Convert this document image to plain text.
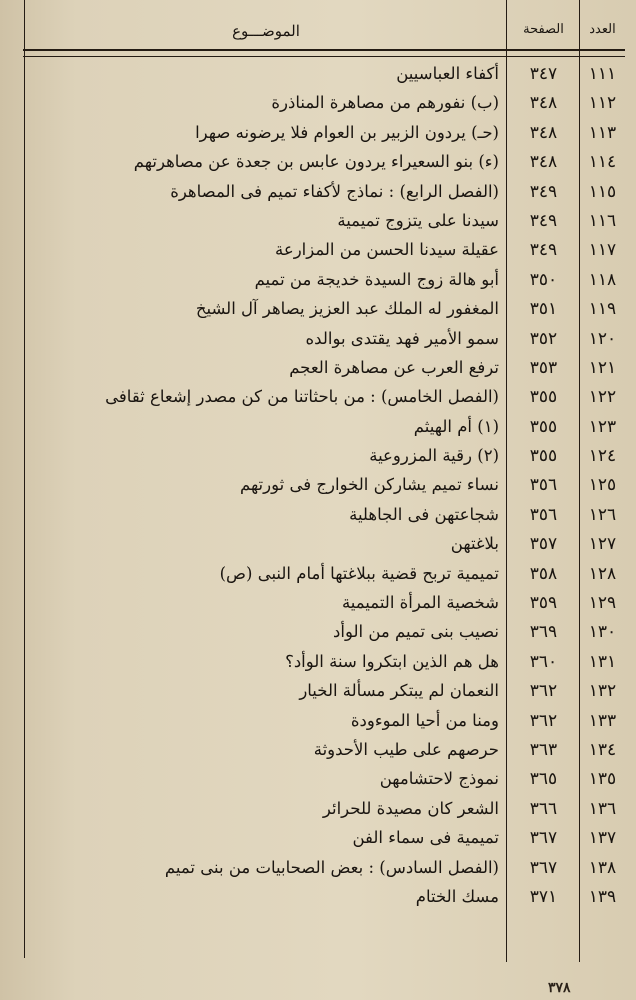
العدد
الصفحة
الموضـــوع
١١١
٣٤٧
أكفاء العباسيين
١١٢
٣٤٨
(ب) نفورهم من مصاهرة المناذرة
١١٣
٣٤٨
(حـ) يردون الزبير بن العوام فلا يرضونه صهرا
١١٤
٣٤٨
(ء) بنو السعيراء يردون عابس بن جعدة عن مصاهرتهم
١١٥
٣٤٩
(الفصل الرابع) : نماذج لأكفاء تميم فى المصاهرة
١١٦
٣٤٩
سيدنا على يتزوج تميمية
١١٧
٣٤٩
عقيلة سيدنا الحسن من المزارعة
١١٨
٣٥٠
أبو هالة زوج السيدة خديجة من تميم
١١٩
٣٥١
المغفور له الملك عبد العزيز يصاهر آل الشيخ
١٢٠
٣٥٢
سمو الأمير فهد يقتدى بوالده
١٢١
٣٥٣
ترفع العرب عن مصاهرة العجم
١٢٢
٣٥٥
(الفصل الخامس) : من باحثاتنا من كن مصدر إشعاع ثقافى
١٢٣
٣٥٥
(١) أم الهيثم
١٢٤
٣٥٥
(٢) رقية المزروعية
١٢٥
٣٥٦
نساء تميم يشاركن الخوارج فى ثورتهم
١٢٦
٣٥٦
شجاعتهن فى الجاهلية
١٢٧
٣٥٧
بلاغتهن
١٢٨
٣٥٨
تميمية تربح قضية ببلاغتها أمام النبى (ص)
١٢٩
٣٥٩
شخصية المرأة التميمية
١٣٠
٣٦٩
نصيب بنى تميم من الوأد
١٣١
٣٦٠
هل هم الذين ابتكروا سنة الوأد؟
١٣٢
٣٦٢
النعمان لم يبتكر مسألة الخيار
١٣٣
٣٦٢
ومنا من أحيا الموءودة
١٣٤
٣٦٣
حرصهم على طيب الأحدوثة
١٣٥
٣٦٥
نموذج لاحتشامهن
١٣٦
٣٦٦
الشعر كان مصيدة للحرائر
١٣٧
٣٦٧
تميمية فى سماء الفن
١٣٨
٣٦٧
(الفصل السادس) : بعض الصحابيات من بنى تميم
١٣٩
٣٧١
مسك الختام
٣٧٨
